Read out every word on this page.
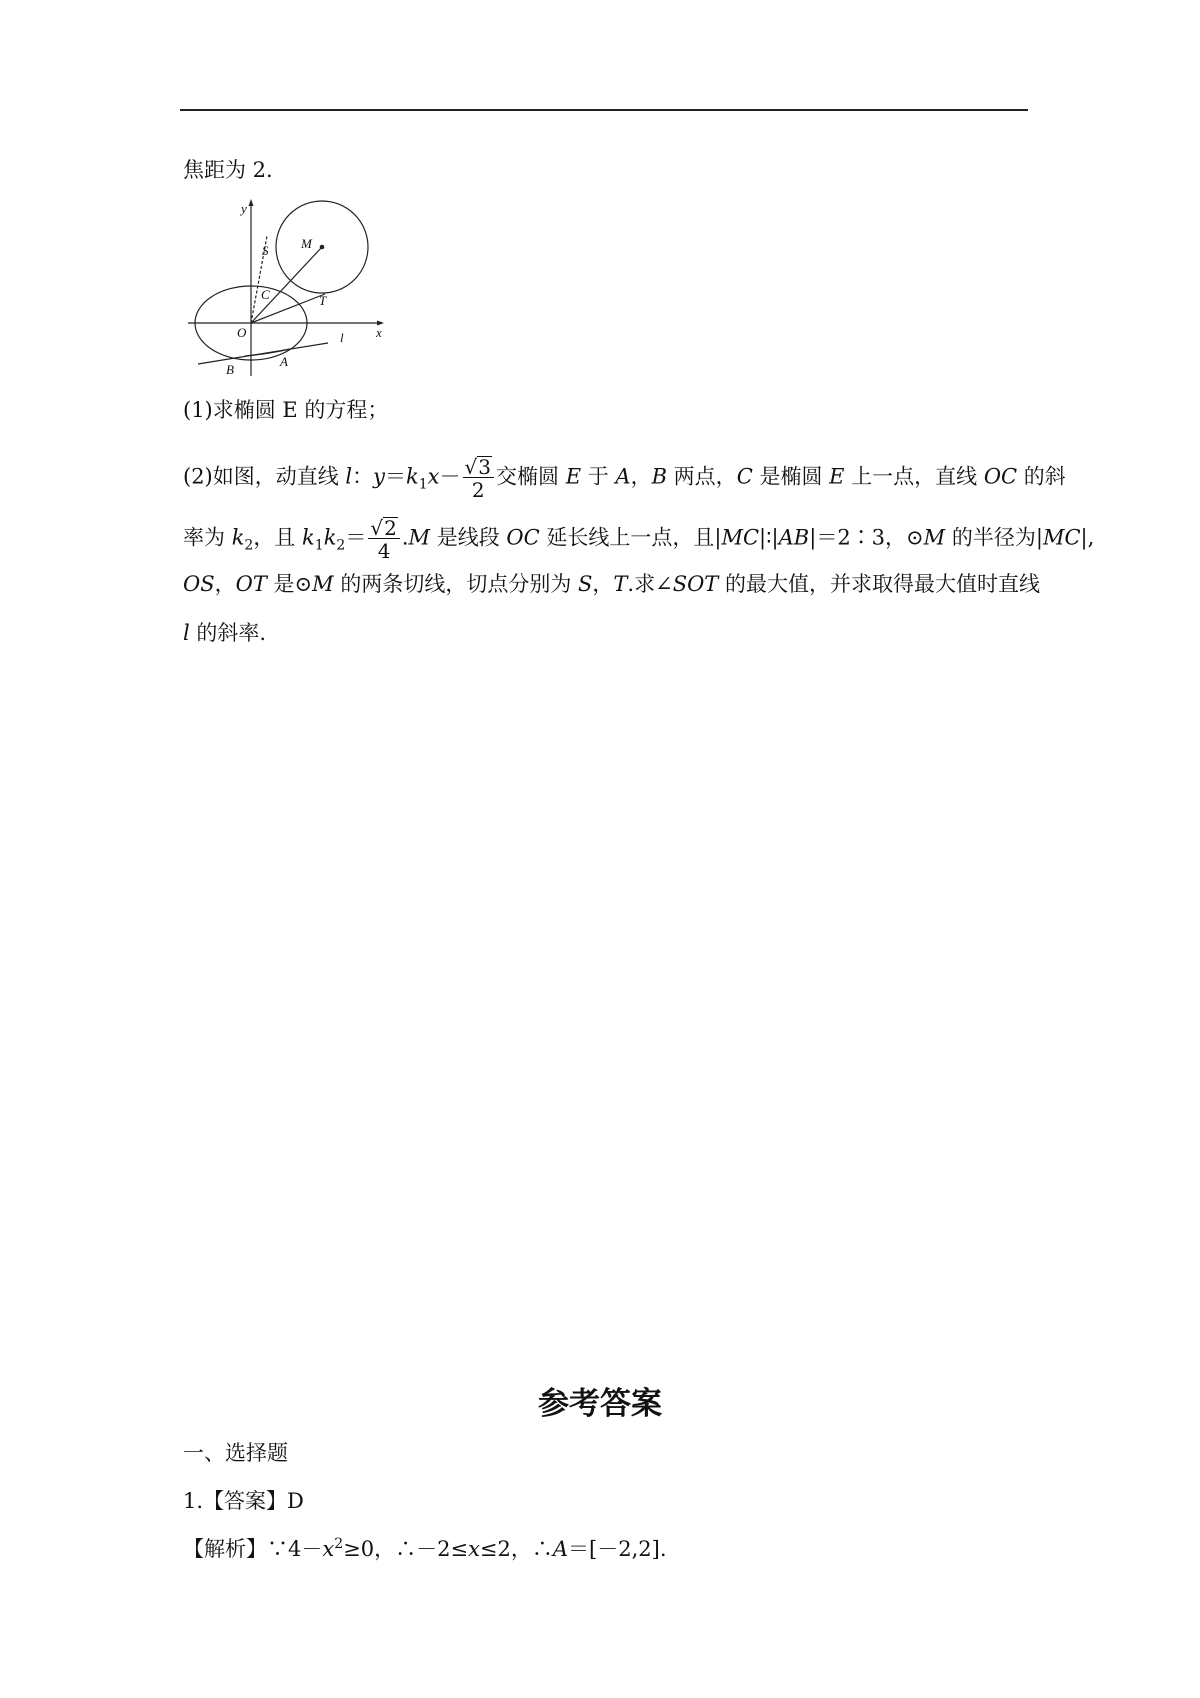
焦距为 2.
y
x
O
S	M
C	T
l
B
A
(1)求椭圆 E 的方程；
(2)如图，动直线 l：$y=k_1x- \frac{√3}{2}$ 交椭圆 E 于 A，B 两点，C 是椭圆 E 上一点，直线 OC 的斜
率为 $k_2$，且 $k_1k_2= \frac{√2}{4} .M$ 是线段 OC 延长线上一点，且|MC|∶|AB|＝2∶3，⊙M 的半径为|MC|,
OS，OT 是⊙M 的两条切线，切点分别为 S，T.求∠SOT 的最大值，并求取得最大值时直线
l 的斜率.
参考答案
一、选择题
1.【答案】D
【解析】$\because 4-x^2\ge 0$，∴－2≤x≤2，∴A＝[－2,2].
